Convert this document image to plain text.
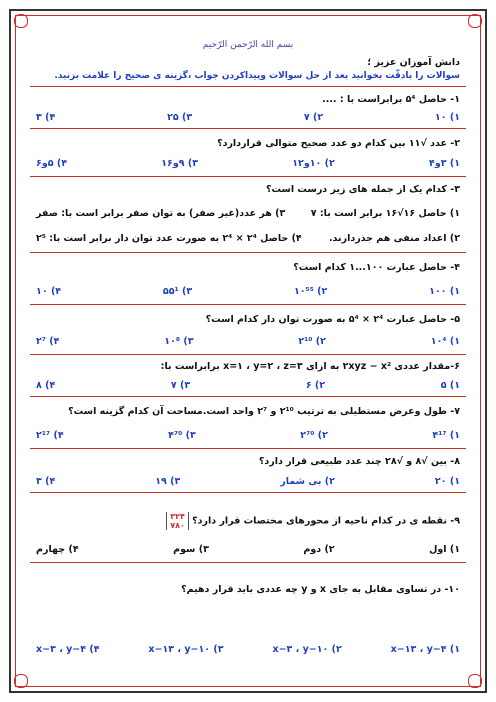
بسم الله الرّحمن الرّحیم
دانش آموزان عزیز ؛
سوالات را بادقّت بخوانید بعد از حل سوالات وپیداکردن جواب ،گزینه ی صحیح را علامت بزنید.
۱- حاصل ۵⁴ برابراست با : ....
۱) ۱۰
۲) ۷
۳) ۲۵
۴) ۳
۲- عدد √۱۱ بین کدام دو عدد صحیح متوالی قراردارد؟
۱) ۳و۴
۲) ۱۰و۱۲
۳) ۹و۱۶
۴) ۵و۶
۳- کدام یک از جمله های زیر درست است؟
۱) حاصل ۱۶√۱۶ برابر است با: ۷
۳) هر عدد(غیر صفر) به توان صفر برابر است با: صفر
۲) اعداد منفی هم جذردارند.
۴) حاصل ۲⁴ × ۲⁴ به صورت عدد توان دار برابر است با: ۲⁵
۴- حاصل عبارت ۱۰۰...۱ کدام است؟
۱) ۱۰۰
۲) ۱۰⁵⁵
۳) ۵۵¹
۴) ۱۰
۵- حاصل عبارت ۲⁴ × ۵⁴ به صورت توان دار کدام است؟
۱) ۱۰⁴
۲) ۲¹⁰
۳) ۱۰⁸
۴) ۲⁷
۶-مقدار عددی ۲xyz − x² به ازای x=۱ ، y=۲ ، z=۳ برابراست با:
۱) ۵
۲) ۶
۳) ۷
۴) ۸
۷- طول وعرض مستطیلی به ترتیب ۲¹⁰ و ۲⁷ واحد است.مساحت آن کدام گزینه است؟
۱) ۴¹⁷
۲) ۲⁷⁰
۳) ۴⁷⁰
۴) ۲¹⁷
۸- بین √۸ و √۲۸ چند عدد طبیعی قرار دارد؟
۱) ۲۰
۲) بی شمار
۳) ۱۹
۴) ۳
۹- نقطه ی در کدام ناحیه از محورهای مختصات قرار دارد؟
۳۲۴
۷۸۰
۱) اول
۲) دوم
۳) سوم
۴) چهارم
۱۰- در تساوی مقابل به جای x و y چه عددی باید قرار دهیم؟
۱) x−۱۳ ، y−۴
۲) x−۳ ، y−۱۰
۳) x−۱۳ ، y−۱۰
۴) x−۳ ، y−۴
